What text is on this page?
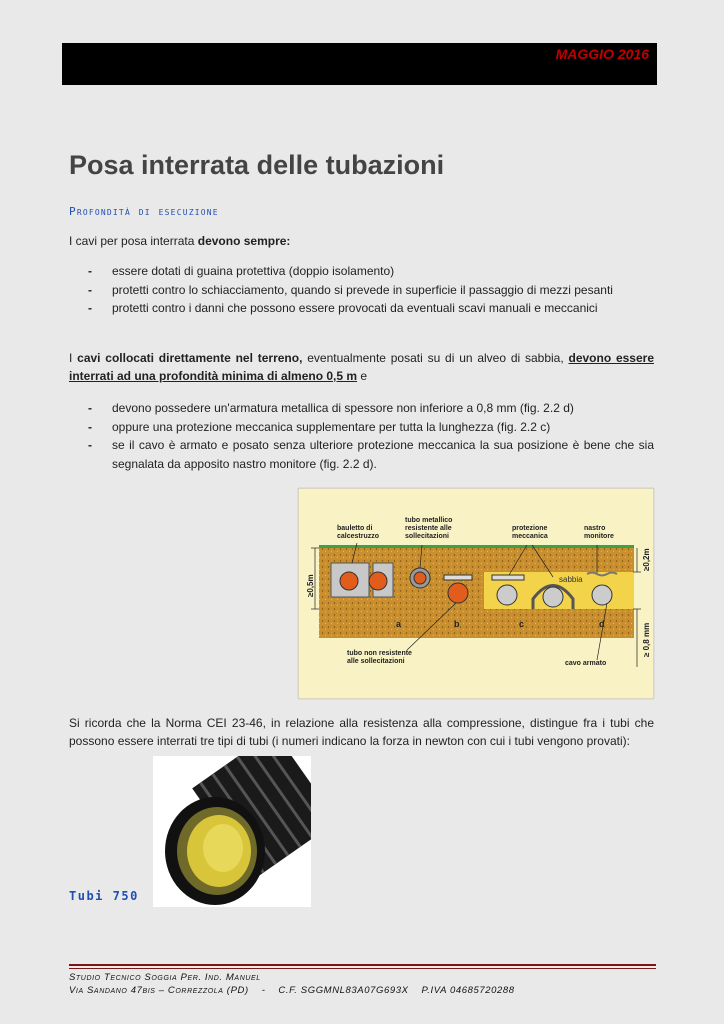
MAGGIO 2016
Posa interrata delle tubazioni
Profondità di esecuzione
I cavi per posa interrata devono sempre:
- essere dotati di guaina protettiva (doppio isolamento)
- protetti contro lo schiacciamento, quando si prevede in superficie il passaggio di mezzi pesanti
- protetti contro i danni che possono essere provocati da eventuali scavi manuali e meccanici
I cavi collocati direttamente nel terreno, eventualmente posati su di un alveo di sabbia, devono essere interrati ad una profondità minima di almeno 0,5 m e
- devono possedere un'armatura metallica di spessore non inferiore a 0,8 mm (fig. 2.2 d)
- oppure una protezione meccanica supplementare per tutta la lunghezza (fig. 2.2 c)
- se il cavo è armato e posato senza ulteriore protezione meccanica la sua posizione è bene che sia segnalata da apposito nastro monitore (fig. 2.2 d).
sabbia
a	b	c	d
bauletto di calcestruzzo
tubo metallico resistente alle sollecitazioni
protezione meccanica
nastro monitore
tubo non resistente alle sollecitazioni	cavo armato
≥0,5m
≥0,2m
≥ 0,8 mm
Si ricorda che la Norma CEI 23-46, in relazione alla resistenza alla compressione, distingue fra i tubi che possono essere interrati tre tipi di tubi (i numeri indicano la forza in newton con cui i tubi vengono provati):
Tubi 750
Studio Tecnico Soggia Per. Ind. Manuel
Via Sandano 47bis – Correzzola (PD)    -    C.F. SGGMNL83A07G693X    P.IVA 04685720288
